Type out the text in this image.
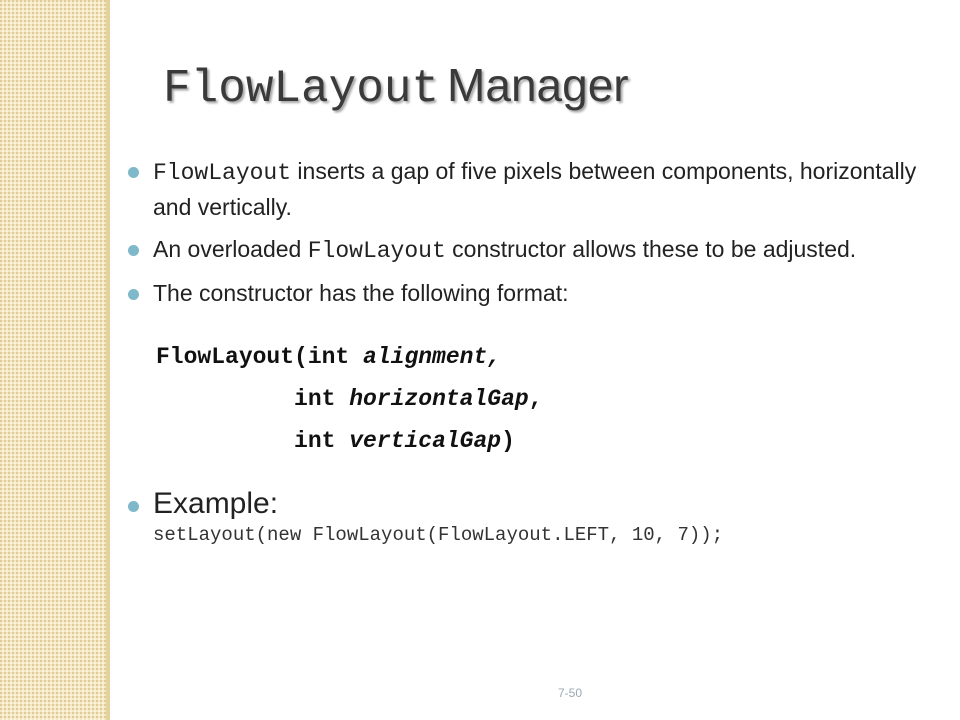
FlowLayout Manager
FlowLayout inserts a gap of five pixels between components, horizontally and vertically.
An overloaded FlowLayout constructor allows these to be adjusted.
The constructor has the following format:
FlowLayout(int alignment,
int horizontalGap,
int verticalGap)
Example:
setLayout(new FlowLayout(FlowLayout.LEFT, 10, 7));
7-50
